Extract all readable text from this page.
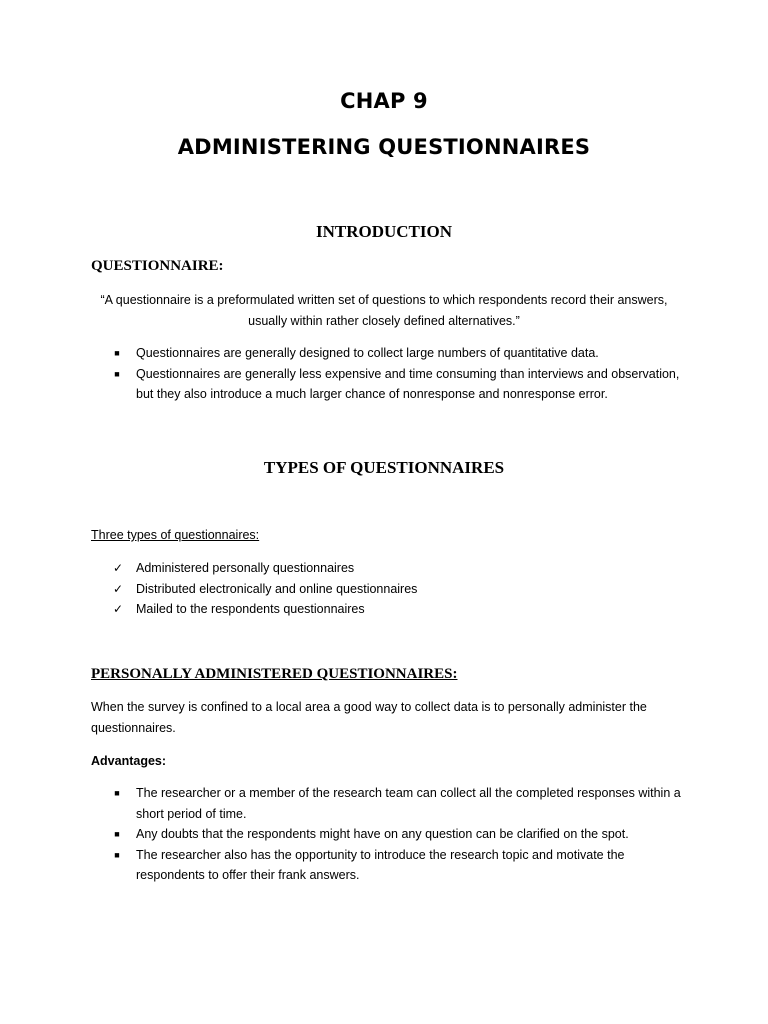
CHAP 9
ADMINISTERING QUESTIONNAIRES
INTRODUCTION
QUESTIONNAIRE:
“A questionnaire is a preformulated written set of questions to which respondents record their answers, usually within rather closely defined alternatives.”
■ Questionnaires are generally designed to collect large numbers of quantitative data.
■ Questionnaires are generally less expensive and time consuming than interviews and observation, but they also introduce a much larger chance of nonresponse and nonresponse error.
TYPES OF QUESTIONNAIRES
Three types of questionnaires:
✓ Administered personally questionnaires
✓ Distributed electronically and online questionnaires
✓ Mailed to the respondents questionnaires
PERSONALLY ADMINISTERED QUESTIONNAIRES:
When the survey is confined to a local area a good way to collect data is to personally administer the questionnaires.
Advantages:
■ The researcher or a member of the research team can collect all the completed responses within a short period of time.
■ Any doubts that the respondents might have on any question can be clarified on the spot.
■ The researcher also has the opportunity to introduce the research topic and motivate the respondents to offer their frank answers.
